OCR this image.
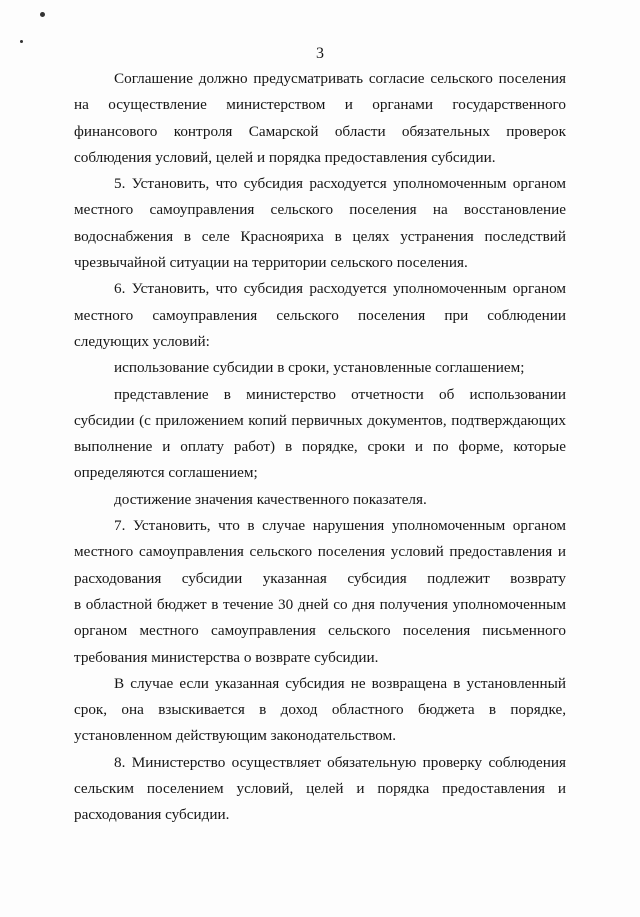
3
Соглашение должно предусматривать согласие сельского поселения
на осуществление министерством и органами государственного
финансового контроля Самарской области обязательных проверок
соблюдения условий, целей и порядка предоставления субсидии.
5. Установить, что субсидия расходуется уполномоченным органом
местного самоуправления сельского поселения на восстановление
водоснабжения в селе Краснояриха в целях устранения последствий
чрезвычайной ситуации на территории сельского поселения.
6. Установить, что субсидия расходуется уполномоченным органом
местного самоуправления сельского поселения при соблюдении
следующих условий:
использование субсидии в сроки, установленные соглашением;
представление в министерство отчетности об использовании
субсидии (с приложением копий первичных документов, подтверждающих
выполнение и оплату работ) в порядке, сроки и по форме, которые
определяются соглашением;
достижение значения качественного показателя.
7. Установить, что в случае нарушения уполномоченным органом
местного самоуправления сельского поселения условий предоставления и
расходования субсидии указанная субсидия подлежит возврату
в областной бюджет в течение 30 дней со дня получения уполномоченным
органом местного самоуправления сельского поселения письменного
требования министерства о возврате субсидии.
В случае если указанная субсидия не возвращена в установленный
срок, она взыскивается в доход областного бюджета в порядке,
установленном действующим законодательством.
8. Министерство осуществляет обязательную проверку соблюдения
сельским поселением условий, целей и порядка предоставления и
расходования субсидии.
